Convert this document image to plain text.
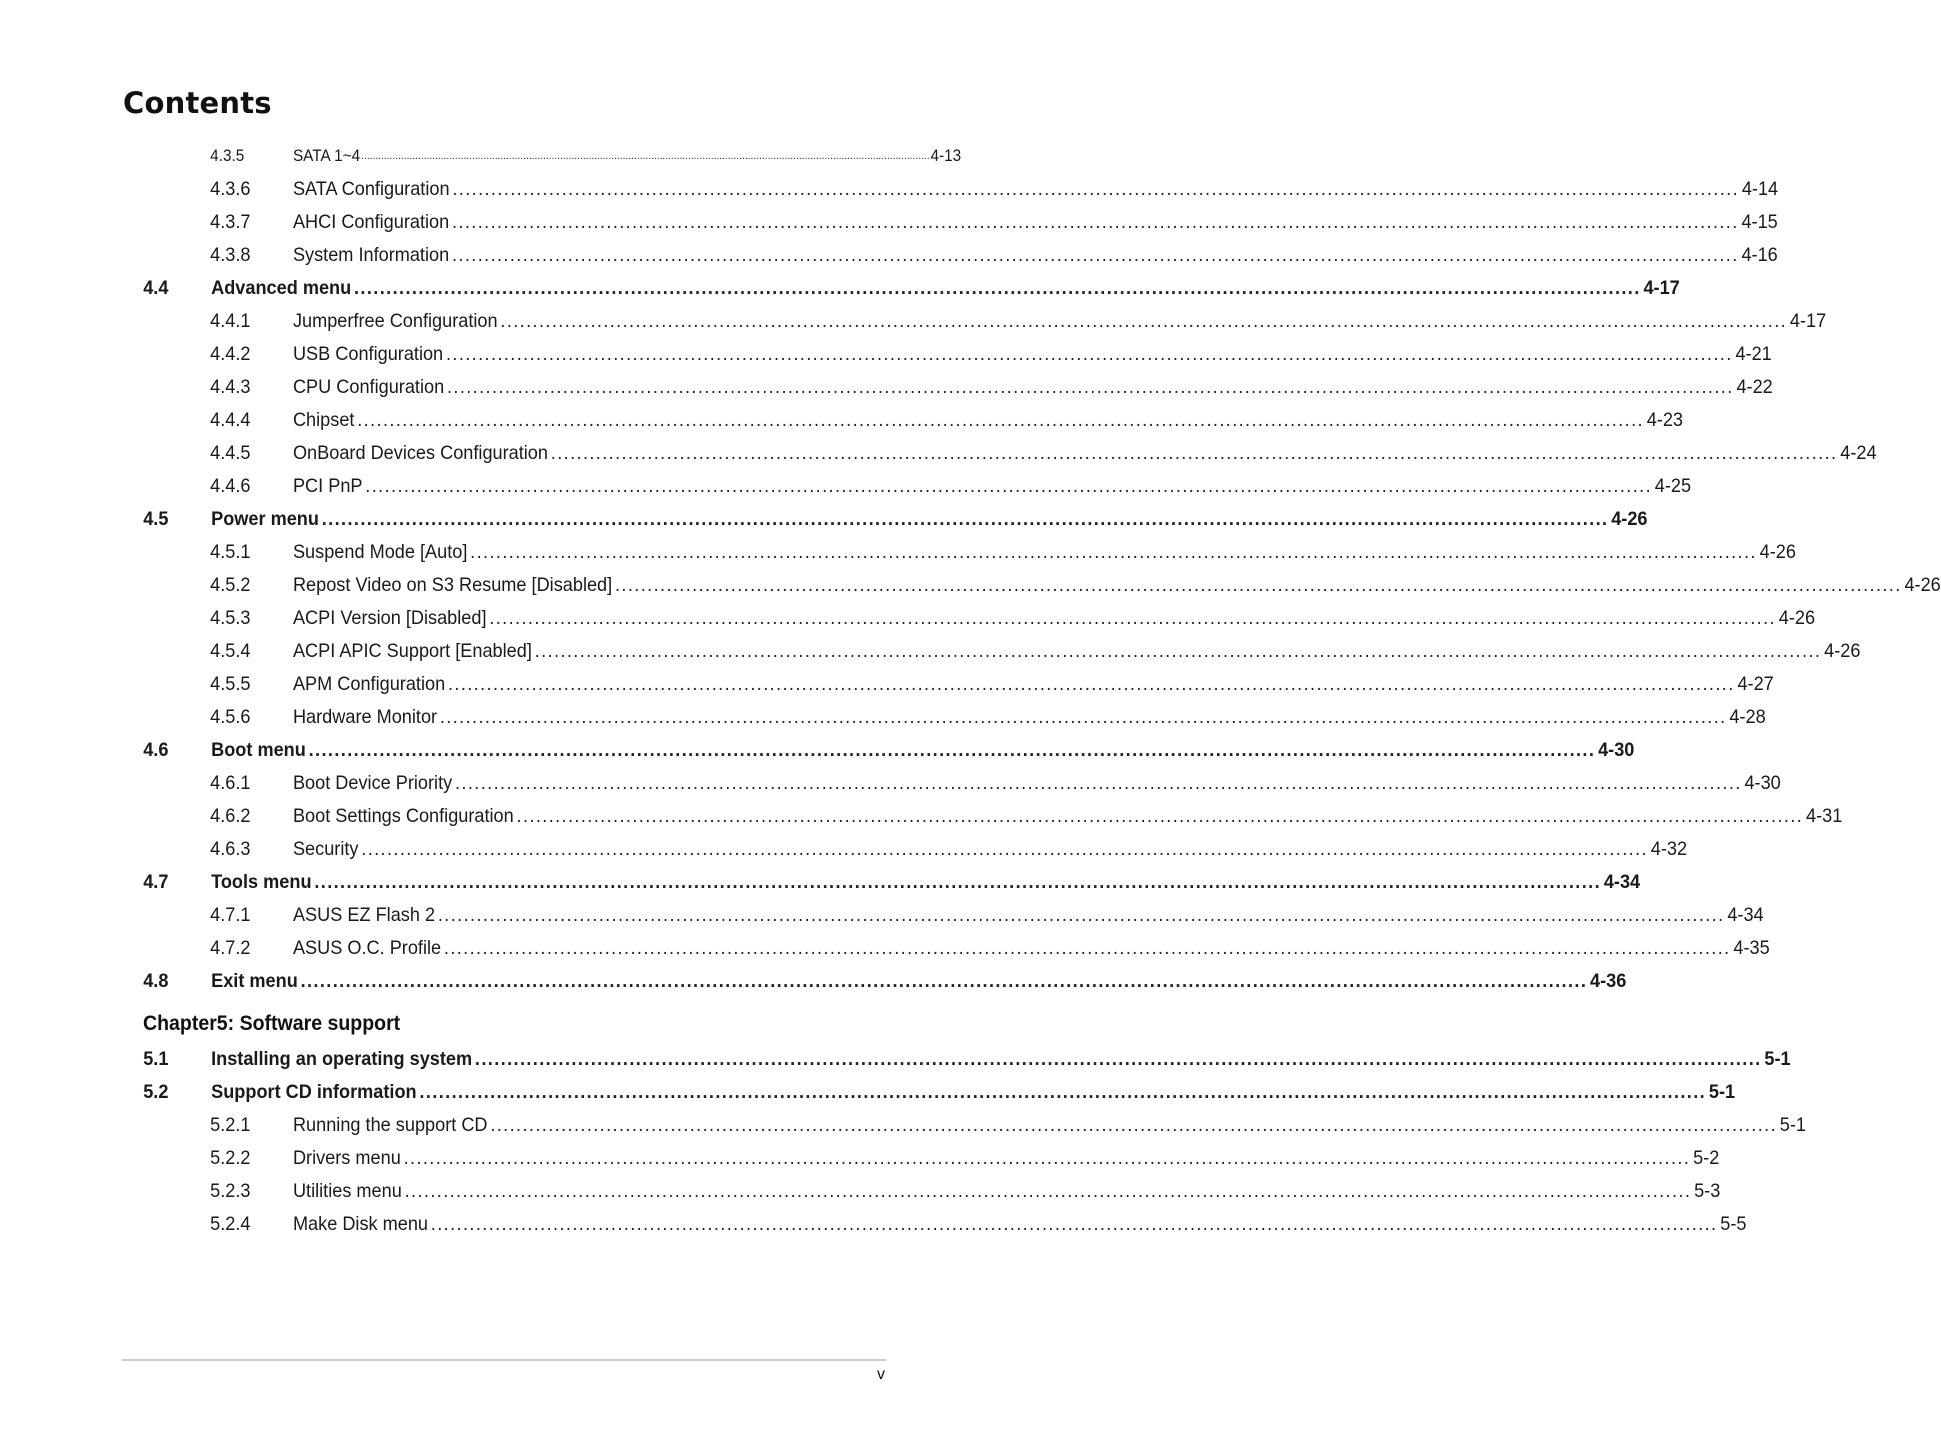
Contents
4.3.5	SATA 1~4 ........................................................................................................................................................................................................ 4-13
4.3.6 SATA Configuration ........................................................................................................................................................................................................ 4-14
4.3.7 AHCI Configuration ........................................................................................................................................................................................................ 4-15
4.3.8 System Information ........................................................................................................................................................................................................ 4-16
4.4 Advanced menu ........................................................................................................................................................................................................ 4-17
4.4.1 Jumperfree Configuration ........................................................................................................................................................................................................ 4-17
4.4.2 USB Configuration ........................................................................................................................................................................................................ 4-21
4.4.3 CPU Configuration ........................................................................................................................................................................................................ 4-22
4.4.4 Chipset ........................................................................................................................................................................................................ 4-23
4.4.5 OnBoard Devices Configuration ........................................................................................................................................................................................................ 4-24
4.4.6 PCI PnP ........................................................................................................................................................................................................ 4-25
4.5 Power menu ........................................................................................................................................................................................................ 4-26
4.5.1 Suspend Mode [Auto] ........................................................................................................................................................................................................ 4-26
4.5.2 Repost Video on S3 Resume [Disabled] ........................................................................................................................................................................................................ 4-26
4.5.3 ACPI Version [Disabled] ........................................................................................................................................................................................................ 4-26
4.5.4 ACPI APIC Support [Enabled] ........................................................................................................................................................................................................ 4-26
4.5.5 APM Configuration ........................................................................................................................................................................................................ 4-27
4.5.6 Hardware Monitor ........................................................................................................................................................................................................ 4-28
4.6 Boot menu ........................................................................................................................................................................................................ 4-30
4.6.1 Boot Device Priority ........................................................................................................................................................................................................ 4-30
4.6.2 Boot Settings Configuration ........................................................................................................................................................................................................ 4-31
4.6.3 Security ........................................................................................................................................................................................................ 4-32
4.7 Tools menu ........................................................................................................................................................................................................ 4-34
4.7.1 ASUS EZ Flash 2 ........................................................................................................................................................................................................ 4-34
4.7.2 ASUS O.C. Profile ........................................................................................................................................................................................................ 4-35
4.8 Exit menu ........................................................................................................................................................................................................ 4-36
Chapter5: Software support
5.1 Installing an operating system ........................................................................................................................................................................................................ 5-1
5.2 Support CD information ........................................................................................................................................................................................................ 5-1
5.2.1 Running the support CD ........................................................................................................................................................................................................ 5-1
5.2.2 Drivers menu ........................................................................................................................................................................................................ 5-2
5.2.3 Utilities menu ........................................................................................................................................................................................................ 5-3
5.2.4 Make Disk menu ........................................................................................................................................................................................................ 5-5
v
